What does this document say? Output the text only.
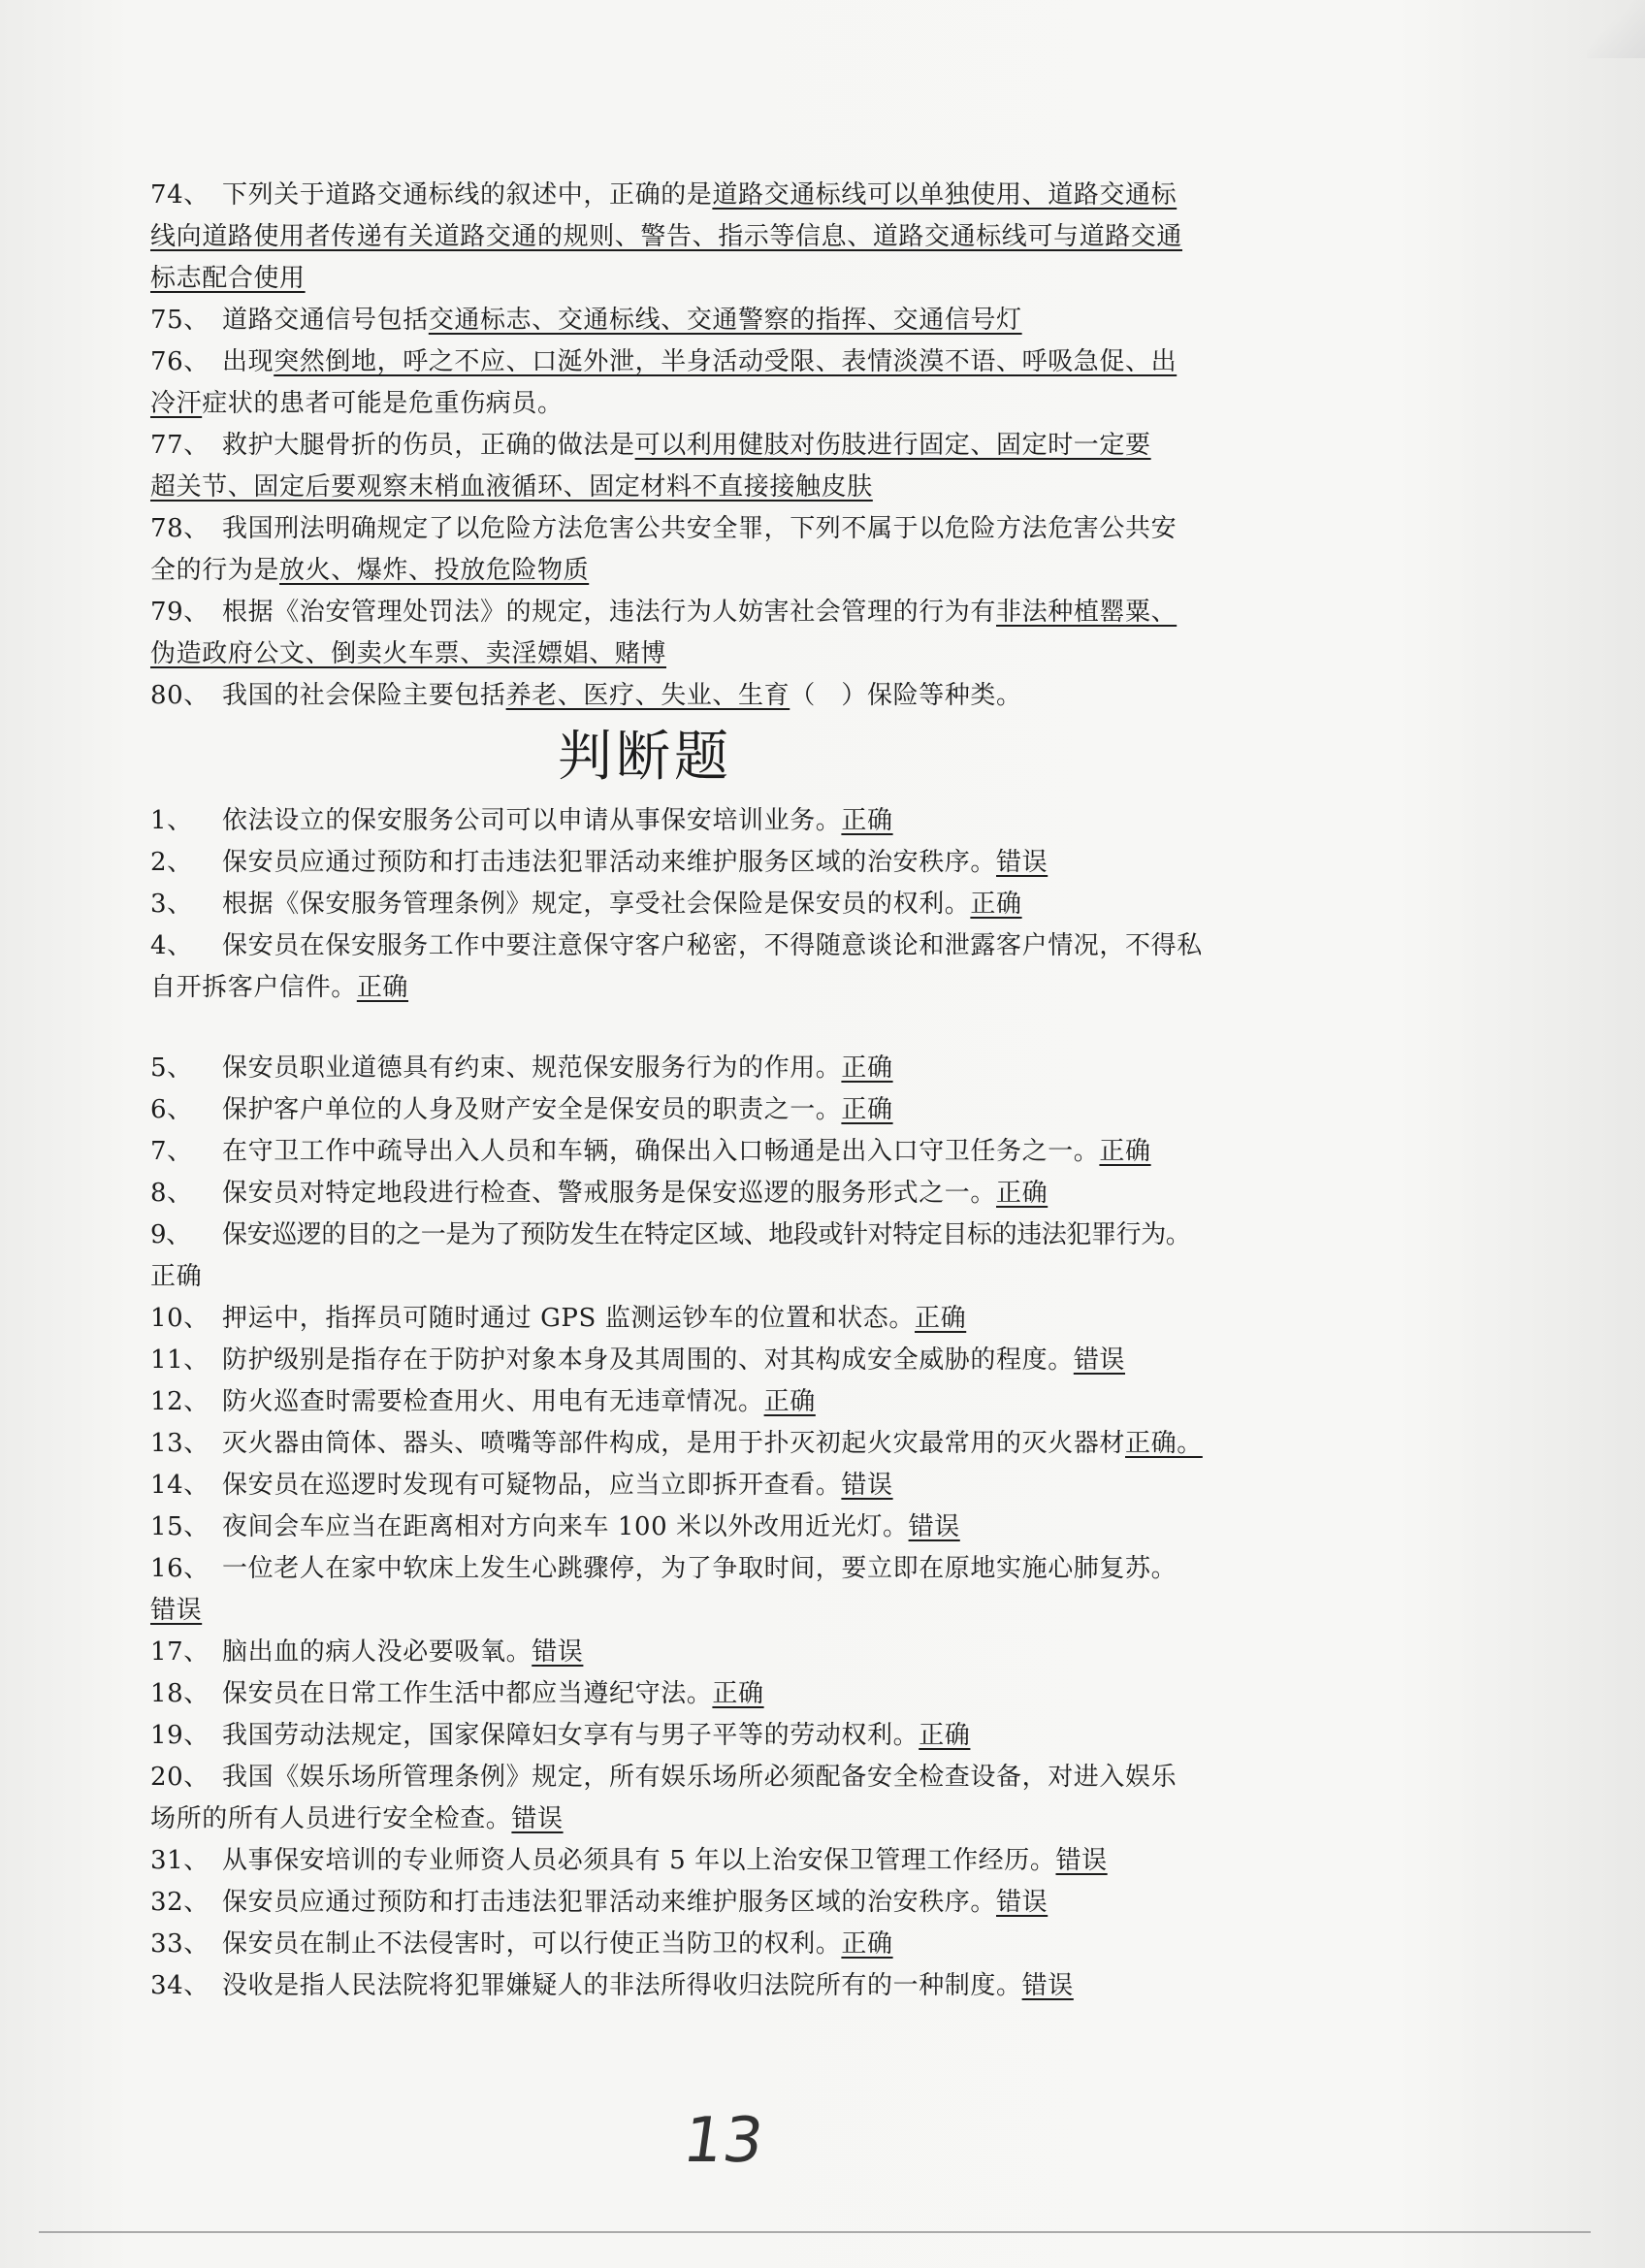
74、 下列关于道路交通标线的叙述中，正确的是道路交通标线可以单独使用、道路交通标
线向道路使用者传递有关道路交通的规则、警告、指示等信息、道路交通标线可与道路交通
标志配合使用
75、 道路交通信号包括交通标志、交通标线、交通警察的指挥、交通信号灯
76、 出现突然倒地，呼之不应、口涎外泄，半身活动受限、表情淡漠不语、呼吸急促、出
冷汗症状的患者可能是危重伤病员。
77、 救护大腿骨折的伤员，正确的做法是可以利用健肢对伤肢进行固定、固定时一定要
超关节、固定后要观察末梢血液循环、固定材料不直接接触皮肤
78、 我国刑法明确规定了以危险方法危害公共安全罪，下列不属于以危险方法危害公共安
全的行为是放火、爆炸、投放危险物质
79、 根据《治安管理处罚法》的规定，违法行为人妨害社会管理的行为有非法种植罂粟、
伪造政府公文、倒卖火车票、卖淫嫖娼、赌博
80、 我国的社会保险主要包括养老、医疗、失业、生育（　）保险等种类。
判断题
1、 依法设立的保安服务公司可以申请从事保安培训业务。正确
2、 保安员应通过预防和打击违法犯罪活动来维护服务区域的治安秩序。错误
3、 根据《保安服务管理条例》规定，享受社会保险是保安员的权利。正确
4、 保安员在保安服务工作中要注意保守客户秘密，不得随意谈论和泄露客户情况，不得私
自开拆客户信件。正确
5、 保安员职业道德具有约束、规范保安服务行为的作用。正确
6、 保护客户单位的人身及财产安全是保安员的职责之一。正确
7、 在守卫工作中疏导出入人员和车辆，确保出入口畅通是出入口守卫任务之一。正确
8、 保安员对特定地段进行检查、警戒服务是保安巡逻的服务形式之一。正确
9、 保安巡逻的目的之一是为了预防发生在特定区域、地段或针对特定目标的违法犯罪行为。
正确
10、 押运中，指挥员可随时通过 GPS 监测运钞车的位置和状态。正确
11、 防护级别是指存在于防护对象本身及其周围的、对其构成安全威胁的程度。错误
12、 防火巡查时需要检查用火、用电有无违章情况。正确
13、 灭火器由筒体、器头、喷嘴等部件构成，是用于扑灭初起火灾最常用的灭火器材正确。
14、 保安员在巡逻时发现有可疑物品，应当立即拆开查看。错误
15、 夜间会车应当在距离相对方向来车 100 米以外改用近光灯。错误
16、 一位老人在家中软床上发生心跳骤停，为了争取时间，要立即在原地实施心肺复苏。
错误
17、 脑出血的病人没必要吸氧。错误
18、 保安员在日常工作生活中都应当遵纪守法。正确
19、 我国劳动法规定，国家保障妇女享有与男子平等的劳动权利。正确
20、 我国《娱乐场所管理条例》规定，所有娱乐场所必须配备安全检查设备，对进入娱乐
场所的所有人员进行安全检查。错误
31、 从事保安培训的专业师资人员必须具有 5 年以上治安保卫管理工作经历。错误
32、 保安员应通过预防和打击违法犯罪活动来维护服务区域的治安秩序。错误
33、 保安员在制止不法侵害时，可以行使正当防卫的权利。正确
34、 没收是指人民法院将犯罪嫌疑人的非法所得收归法院所有的一种制度。错误
13
